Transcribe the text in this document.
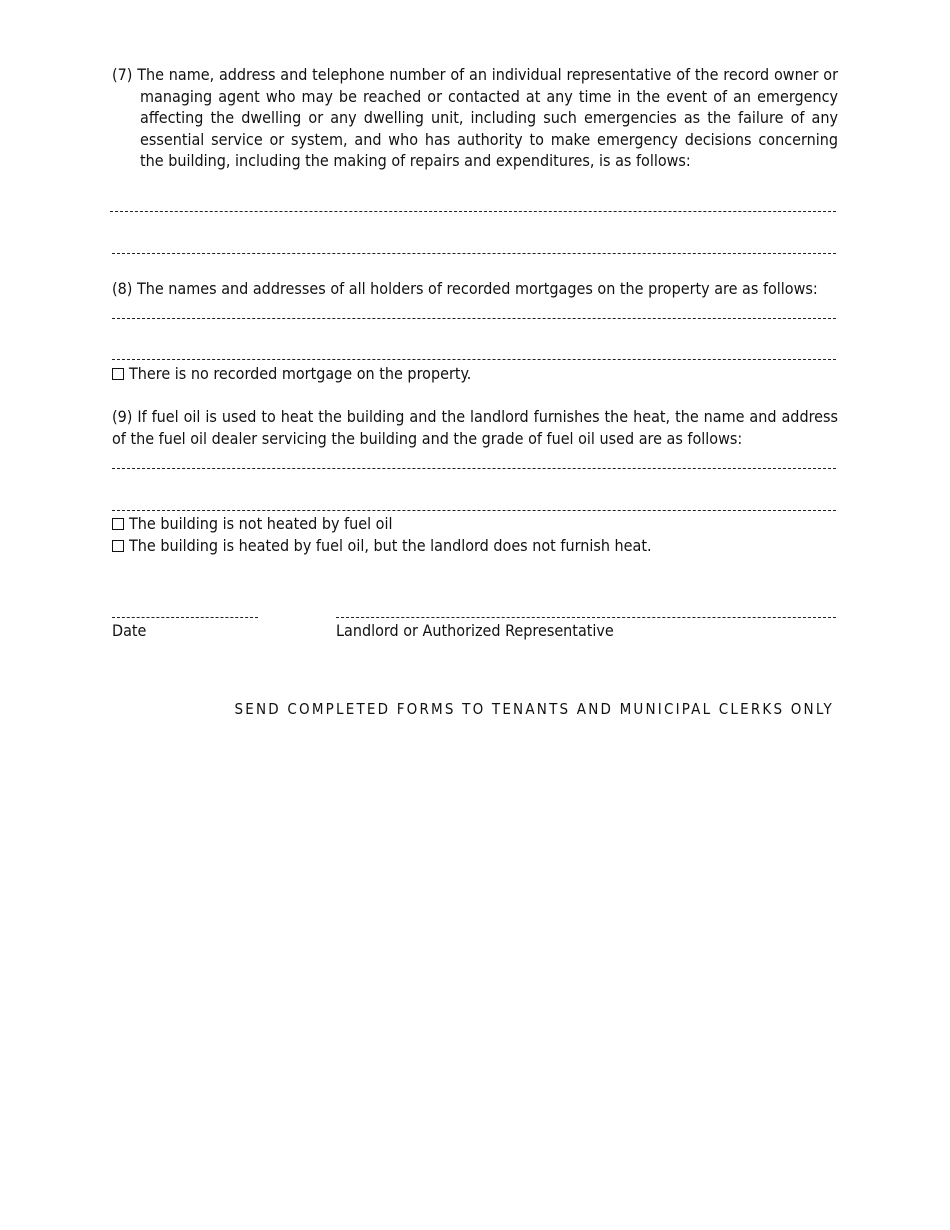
(7) The name, address and telephone number of an individual representative of the record owner or managing agent who may be reached or contacted at any time in the event of an emergency affecting the dwelling or any dwelling unit, including such emergencies as the failure of any essential service or system, and who has authority to make emergency decisions concerning the building, including the making of repairs and expenditures, is as follows:

(8) The names and addresses of all holders of recorded mortgages on the property are as follows:

There is no recorded mortgage on the property.

(9) If fuel oil is used to heat the building and the landlord furnishes the heat, the name and address of the fuel oil dealer servicing the building and the grade of fuel oil used are as follows:

The building is not heated by fuel oil
The building is heated by fuel oil, but the landlord does not furnish heat.
Date	Landlord or Authorized Representative
SEND COMPLETED FORMS TO TENANTS AND MUNICIPAL CLERKS ONLY
